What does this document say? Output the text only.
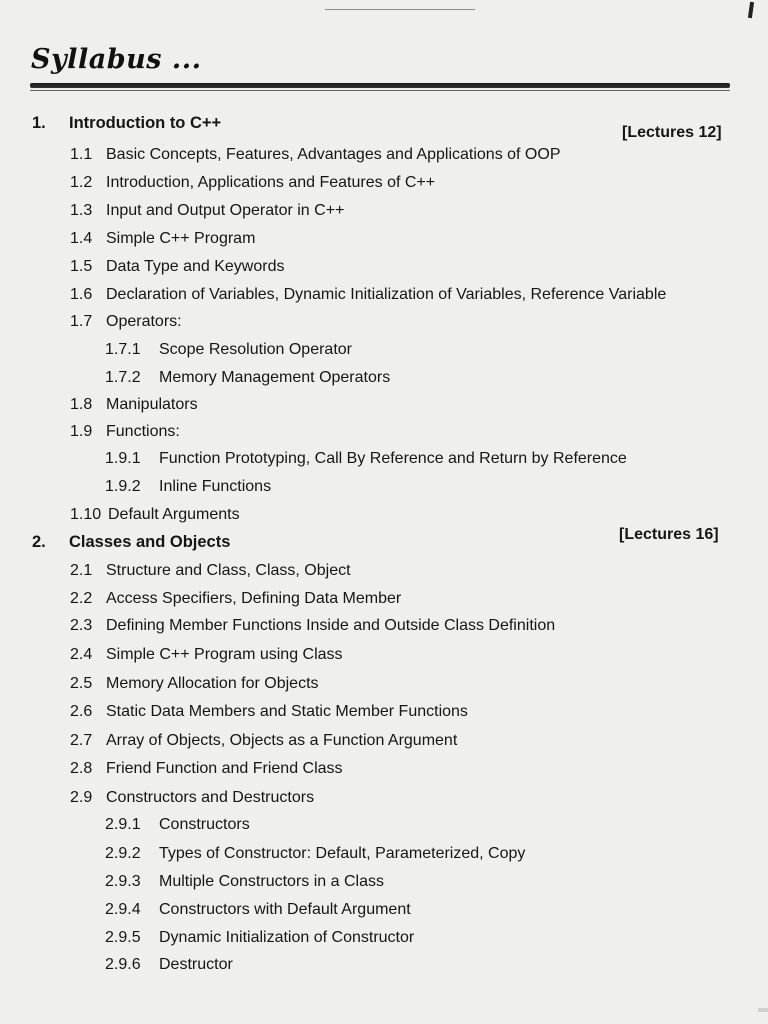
Syllabus ...
1. Introduction to C++
[Lectures 12]
1.1 Basic Concepts, Features, Advantages and Applications of OOP
1.2 Introduction, Applications and Features of C++
1.3 Input and Output Operator in C++
1.4 Simple C++ Program
1.5 Data Type and Keywords
1.6 Declaration of Variables, Dynamic Initialization of Variables, Reference Variable
1.7 Operators:
1.7.1 Scope Resolution Operator
1.7.2 Memory Management Operators
1.8 Manipulators
1.9 Functions:
1.9.1 Function Prototyping, Call By Reference and Return by Reference
1.9.2 Inline Functions
1.10 Default Arguments
2. Classes and Objects	[Lectures 16]
2.1 Structure and Class, Class, Object
2.2 Access Specifiers, Defining Data Member
2.3 Defining Member Functions Inside and Outside Class Definition
2.4 Simple C++ Program using Class
2.5 Memory Allocation for Objects
2.6 Static Data Members and Static Member Functions
2.7 Array of Objects, Objects as a Function Argument
2.8 Friend Function and Friend Class
2.9 Constructors and Destructors
2.9.1 Constructors
2.9.2 Types of Constructor: Default, Parameterized, Copy
2.9.3 Multiple Constructors in a Class
2.9.4 Constructors with Default Argument
2.9.5 Dynamic Initialization of Constructor
2.9.6 Destructor
